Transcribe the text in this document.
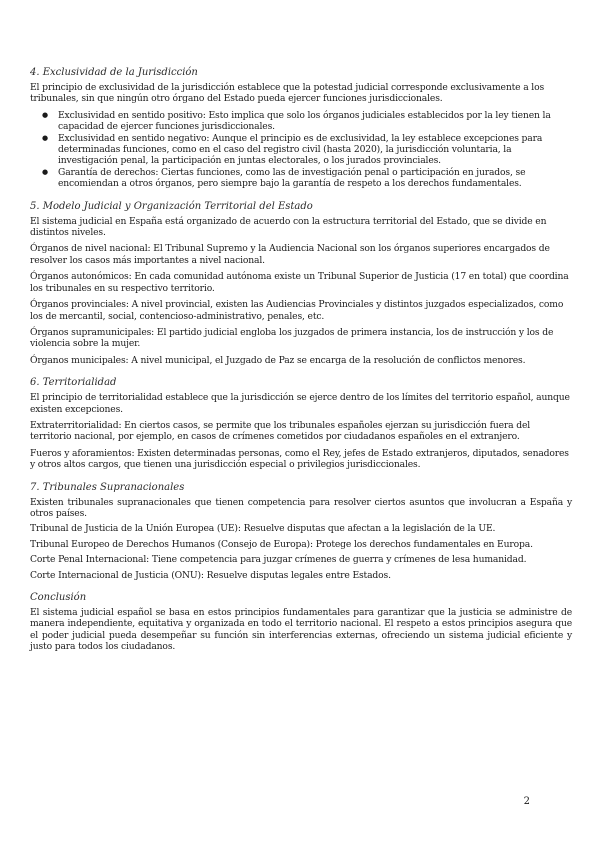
4. Exclusividad de la Jurisdicción

El principio de exclusividad de la jurisdicción establece que la potestad judicial corresponde exclusivamente a los tribunales, sin que ningún otro órgano del Estado pueda ejercer funciones jurisdiccionales.

● Exclusividad en sentido positivo: Esto implica que solo los órganos judiciales establecidos por la ley tienen la capacidad de ejercer funciones jurisdiccionales.
● Exclusividad en sentido negativo: Aunque el principio es de exclusividad, la ley establece excepciones para determinadas funciones, como en el caso del registro civil (hasta 2020), la jurisdicción voluntaria, la investigación penal, la participación en juntas electorales, o los jurados provinciales.
● Garantía de derechos: Ciertas funciones, como las de investigación penal o participación en jurados, se encomiendan a otros órganos, pero siempre bajo la garantía de respeto a los derechos fundamentales.
5. Modelo Judicial y Organización Territorial del Estado

El sistema judicial en España está organizado de acuerdo con la estructura territorial del Estado, que se divide en distintos niveles.

Órganos de nivel nacional: El Tribunal Supremo y la Audiencia Nacional son los órganos superiores encargados de resolver los casos más importantes a nivel nacional.

Órganos autonómicos: En cada comunidad autónoma existe un Tribunal Superior de Justicia (17 en total) que coordina los tribunales en su respectivo territorio.

Órganos provinciales: A nivel provincial, existen las Audiencias Provinciales y distintos juzgados especializados, como los de mercantil, social, contencioso-administrativo, penales, etc.

Órganos supramunicipales: El partido judicial engloba los juzgados de primera instancia, los de instrucción y los de violencia sobre la mujer.

Órganos municipales: A nivel municipal, el Juzgado de Paz se encarga de la resolución de conflictos menores.

6. Territorialidad

El principio de territorialidad establece que la jurisdicción se ejerce dentro de los límites del territorio español, aunque existen excepciones.

Extraterritorialidad: En ciertos casos, se permite que los tribunales españoles ejerzan su jurisdicción fuera del territorio nacional, por ejemplo, en casos de crímenes cometidos por ciudadanos españoles en el extranjero.

Fueros y aforamientos: Existen determinadas personas, como el Rey, jefes de Estado extranjeros, diputados, senadores y otros altos cargos, que tienen una jurisdicción especial o privilegios jurisdiccionales.

7. Tribunales Supranacionales

Existen tribunales supranacionales que tienen competencia para resolver ciertos asuntos que involucran a España y otros países.

Tribunal de Justicia de la Unión Europea (UE): Resuelve disputas que afectan a la legislación de la UE.

Tribunal Europeo de Derechos Humanos (Consejo de Europa): Protege los derechos fundamentales en Europa.

Corte Penal Internacional: Tiene competencia para juzgar crímenes de guerra y crímenes de lesa humanidad.

Corte Internacional de Justicia (ONU): Resuelve disputas legales entre Estados.

Conclusión

El sistema judicial español se basa en estos principios fundamentales para garantizar que la justicia se administre de manera independiente, equitativa y organizada en todo el territorio nacional. El respeto a estos principios asegura que el poder judicial pueda desempeñar su función sin interferencias externas, ofreciendo un sistema judicial eficiente y justo para todos los ciudadanos.

2
